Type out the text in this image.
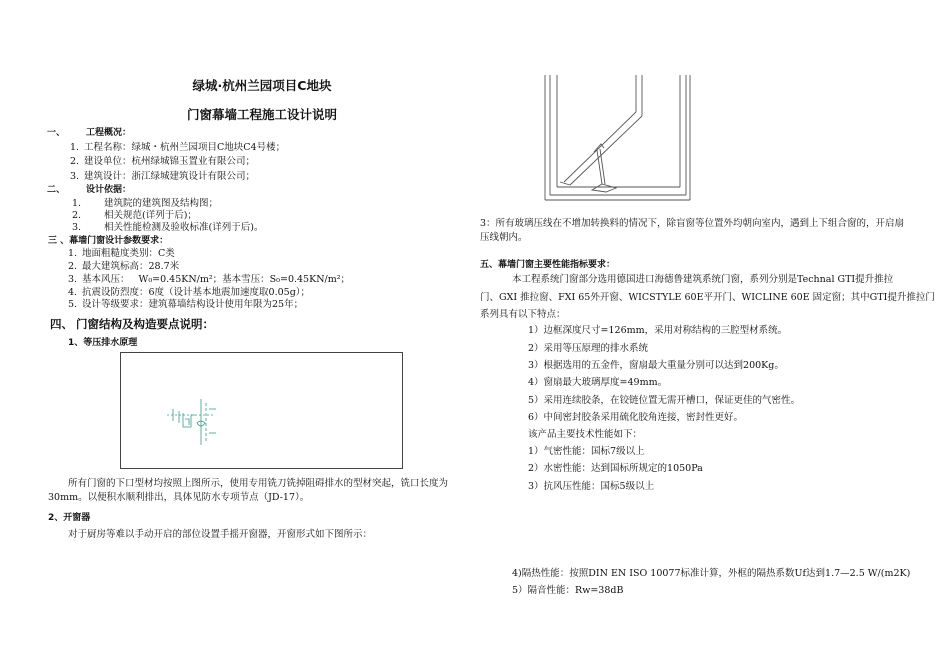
绿城·杭州兰园项目C地块
门窗幕墙工程施工设计说明
一、 工程概况：
1. 工程名称：绿城・杭州兰园项目C地块C4号楼；
2. 建设单位：杭州绿城锦玉置业有限公司；
3. 建筑设计：浙江绿城建筑设计有限公司；
二、 设计依据：
1. 建筑院的建筑图及结构图；
2. 相关规范(详列于后)；
3. 相关性能检测及验收标准(详列于后)。
三 、幕墙门窗设计参数要求：
1. 地面粗糙度类别：C类
2. 最大建筑标高：28.7米
3. 基本风压：   W₀=0.45KN/m²；基本雪压：S₀=0.45KN/m²；
4. 抗震设防烈度：6度（设计基本地震加速度取0.05g）；
5. 设计等级要求：建筑幕墙结构设计使用年限为25年；
四、 门窗结构及构造要点说明：
1、等压排水原理
所有门窗的下口型材均按照上图所示，使用专用铣刀铣掉阻碍排水的型材突起，铣口长度为
30mm。以便积水顺利排出，具体见防水专项节点（JD-17）。
2、开窗器
对于厨房等难以手动开启的部位设置手摇开窗器，开窗形式如下图所示：
3：所有玻璃压线在不增加转换料的情况下，除盲窗等位置外均朝向室内，遇到上下组合窗的，开启扇
压线朝内。
五、幕墙门窗主要性能指标要求：
本工程系统门窗部分选用德国进口海德鲁建筑系统门窗，系列分别是Technal GTI提升推拉
门、GXI 推拉窗、FXI 65外开窗、WICSTYLE 60E平开门、WICLINE 60E 固定窗；其中GTI提升推拉门
系列具有以下特点：
1）边框深度尺寸=126mm，采用对称结构的三腔型材系统。
2）采用等压原理的排水系统
3）根据选用的五金件，窗扇最大重量分别可以达到200Kg。
4）窗扇最大玻璃厚度=49mm。
5）采用连续胶条，在铰链位置无需开槽口，保证更佳的气密性。
6）中间密封胶条采用硫化胶角连接，密封性更好。
该产品主要技术性能如下：
1）气密性能：国标7级以上
2）水密性能：达到国标所规定的1050Pa
3）抗风压性能：国标5级以上
4)隔热性能：按照DIN EN ISO 10077标准计算，外框的隔热系数Uf达到1.7—2.5 W/(m2K)
5）隔音性能：Rw=38dB
